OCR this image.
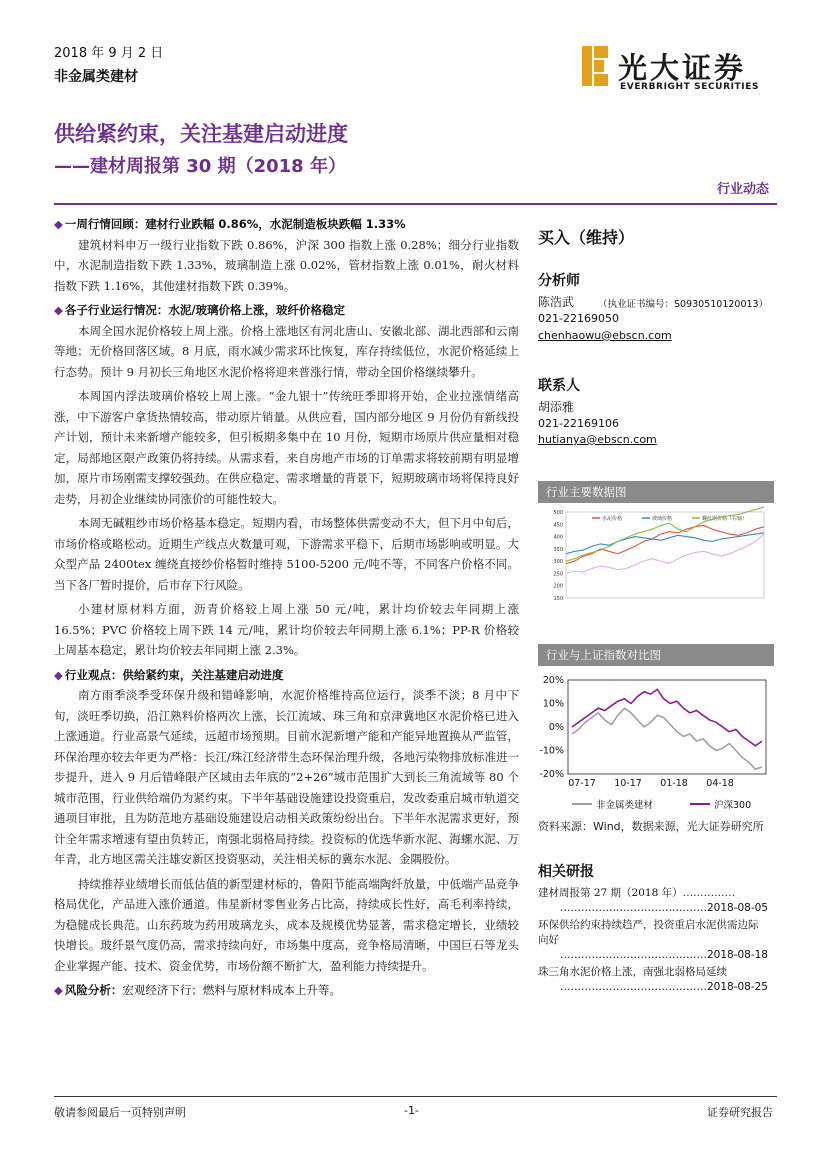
2018 年 9 月 2 日
非金属类建材	光大证券
EVERBRIGHT SECURITIES
供给紧约束，关注基建启动进度
——建材周报第 30 期（2018 年）
行业动态

◆ 一周行情回顾：建材行业跌幅 0.86%，水泥制造板块跌幅 1.33%

建筑材料申万一级行业指数下跌 0.86%，沪深 300 指数上涨 0.28%；细分行业指数中，水泥制造指数下跌 1.33%，玻璃制造上涨 0.02%，管材指数上涨 0.01%，耐火材料指数下跌 1.16%，其他建材指数下跌 0.39%。

◆ 各子行业运行情况：水泥/玻璃价格上涨，玻纤价格稳定

本周全国水泥价格较上周上涨。价格上涨地区有河北唐山、安徽北部、湖北西部和云南等地；无价格回落区域。8 月底，雨水减少需求环比恢复，库存持续低位，水泥价格延续上行态势。预计 9 月初长三角地区水泥价格将迎来普涨行情，带动全国价格继续攀升。

本周国内浮法玻璃价格较上周上涨。“金九银十”传统旺季即将开始，企业拉涨情绪高涨，中下游客户拿货热情较高，带动原片销量。从供应看，国内部分地区 9 月份仍有新线投产计划，预计未来新增产能较多，但引板期多集中在 10 月份，短期市场原片供应量相对稳定，局部地区限产政策仍将持续。从需求看，来自房地产市场的订单需求将较前期有明显增加，原片市场刚需支撑较强劲。在供应稳定、需求增量的背景下，短期玻璃市场将保持良好走势，月初企业继续协同涨价的可能性较大。

本周无碱粗纱市场价格基本稳定。短期内看，市场整体供需变动不大，但下月中旬后，市场价格或略松动。近期生产线点火数量可观，下游需求平稳下，后期市场影响或明显。大众型产品 2400tex 缠绕直接纱价格暂时维持 5100-5200 元/吨不等，不同客户价格不同。当下各厂暂时提价，后市存下行风险。

小建材原材料方面，沥青价格较上周上涨 50 元/吨，累计均价较去年同期上涨 16.5%；PVC 价格较上周下跌 14 元/吨，累计均价较去年同期上涨 6.1%；PP-R 价格较上周基本稳定，累计均价较去年同期上涨 2.3%。

◆ 行业观点：供给紧约束，关注基建启动进度

南方雨季淡季受环保升级和错峰影响，水泥价格维持高位运行，淡季不淡；8 月中下旬，淡旺季切换，沿江熟料价格两次上涨，长江流域、珠三角和京津冀地区水泥价格已进入上涨通道。行业高景气延续，远超市场预期。目前水泥新增产能和产能异地置换从严监管，环保治理亦较去年更为严格：长江/珠江经济带生态环保治理升级，各地污染物排放标准进一步提升，进入 9 月后错峰限产区域由去年底的“2+26”城市范围扩大到长三角流域等 80 个城市范围，行业供给端仍为紧约束。下半年基础设施建设投资重启，发改委重启城市轨道交通项目审批，且为防范地方基础设施建设启动相关政策纷纷出台。下半年水泥需求更好，预计全年需求增速有望由负转正，南强北弱格局持续。投资标的优选华新水泥、海螺水泥、万年青，北方地区需关注雄安新区投资驱动，关注相关标的冀东水泥、金隅股份。

持续推荐业绩增长而低估值的新型建材标的，鲁阳节能高端陶纤放量，中低端产品竞争格局优化，产品进入涨价通道。伟星新材零售业务占比高，持续成长性好，高毛利率持续，为稳健成长典范。山东药玻为药用玻璃龙头，成本及规模优势显著，需求稳定增长，业绩较快增长。玻纤景气度仍高，需求持续向好，市场集中度高，竞争格局清晰，中国巨石等龙头企业掌握产能、技术、资金优势，市场份额不断扩大，盈利能力持续提升。

◆ 风险分析：宏观经济下行；燃料与原材料成本上升等。

买入（维持）
分析师
陈浩武	（执业证书编号：S0930510120013）
021-22169050
chenhaowu@ebscn.com
联系人
胡添雅
021-22169106
hutianya@ebscn.com
行业主要数据图
500
450
400
350
300
250
200
150
水泥价格	玻璃价格	螺纹钢价格（右轴）
行业与上证指数对比图
20%
10%
0%
-10%
-20%
07-17 10-17 01-18 04-18
非金属类建材	沪深300
资料来源：Wind，数据来源，光大证券研究所
相关研报
建材周报第 27 期（2018 年）……………
……………………………………2018-08-05
环保供给约束持续趋严，投资重启水泥供需边际向好
……………………………………2018-08-18
珠三角水泥价格上涨，南强北弱格局延续
……………………………………2018-08-25
敬请参阅最后一页特别声明	-1-	证券研究报告
